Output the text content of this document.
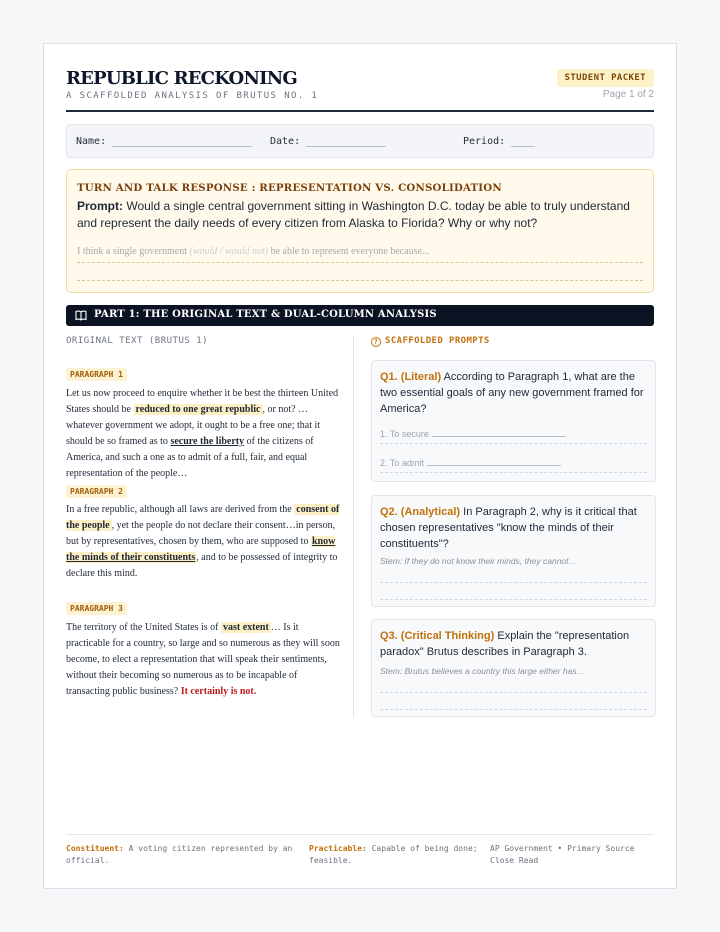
REPUBLIC RECKONING
A SCAFFOLDED ANALYSIS OF BRUTUS NO. 1
STUDENT PACKET
Page 1 of 2
Name:	Date:	Period:
TURN AND TALK RESPONSE : REPRESENTATION VS. CONSOLIDATION
Prompt: Would a single central government sitting in Washington D.C. today be able to truly understand and represent the daily needs of every citizen from Alaska to Florida? Why or why not?
I think a single government (would / would not) be able to represent everyone because...
PART 1: THE ORIGINAL TEXT & DUAL-COLUMN ANALYSIS
ORIGINAL TEXT (BRUTUS 1)	? SCAFFOLDED PROMPTS
PARAGRAPH 1
Let us now proceed to enquire whether it be best the thirteen United States should be reduced to one great republic , or not? … whatever government we adopt, it ought to be a free one; that it should be so framed as to secure the liberty of the citizens of America, and such a one as to admit of a full, fair, and equal representation of the people…
PARAGRAPH 2
In a free republic, although all laws are derived from the consent of the people , yet the people do not declare their consent…in person, but by representatives, chosen by them, who are supposed to know the minds of their constituents, and to be possessed of integrity to declare this mind.
PARAGRAPH 3
The territory of the United States is of vast extent … Is it practicable for a country, so large and so numerous as they will soon become, to elect a representation that will speak their sentiments, without their becoming so numerous as to be incapable of transacting public business? It certainly is not.
Q1. (Literal) According to Paragraph 1, what are the two essential goals of any new government framed for America?
1. To secure
2. To admit
Q2. (Analytical) In Paragraph 2, why is it critical that chosen representatives "know the minds of their constituents"?
Stem: If they do not know their minds, they cannot...
Q3. (Critical Thinking) Explain the "representation paradox" Brutus describes in Paragraph 3.
Stem: Brutus believes a country this large either has...
Constituent: A voting citizen represented by an official.
Practicable: Capable of being done; feasible.
AP Government • Primary Source Close Read
